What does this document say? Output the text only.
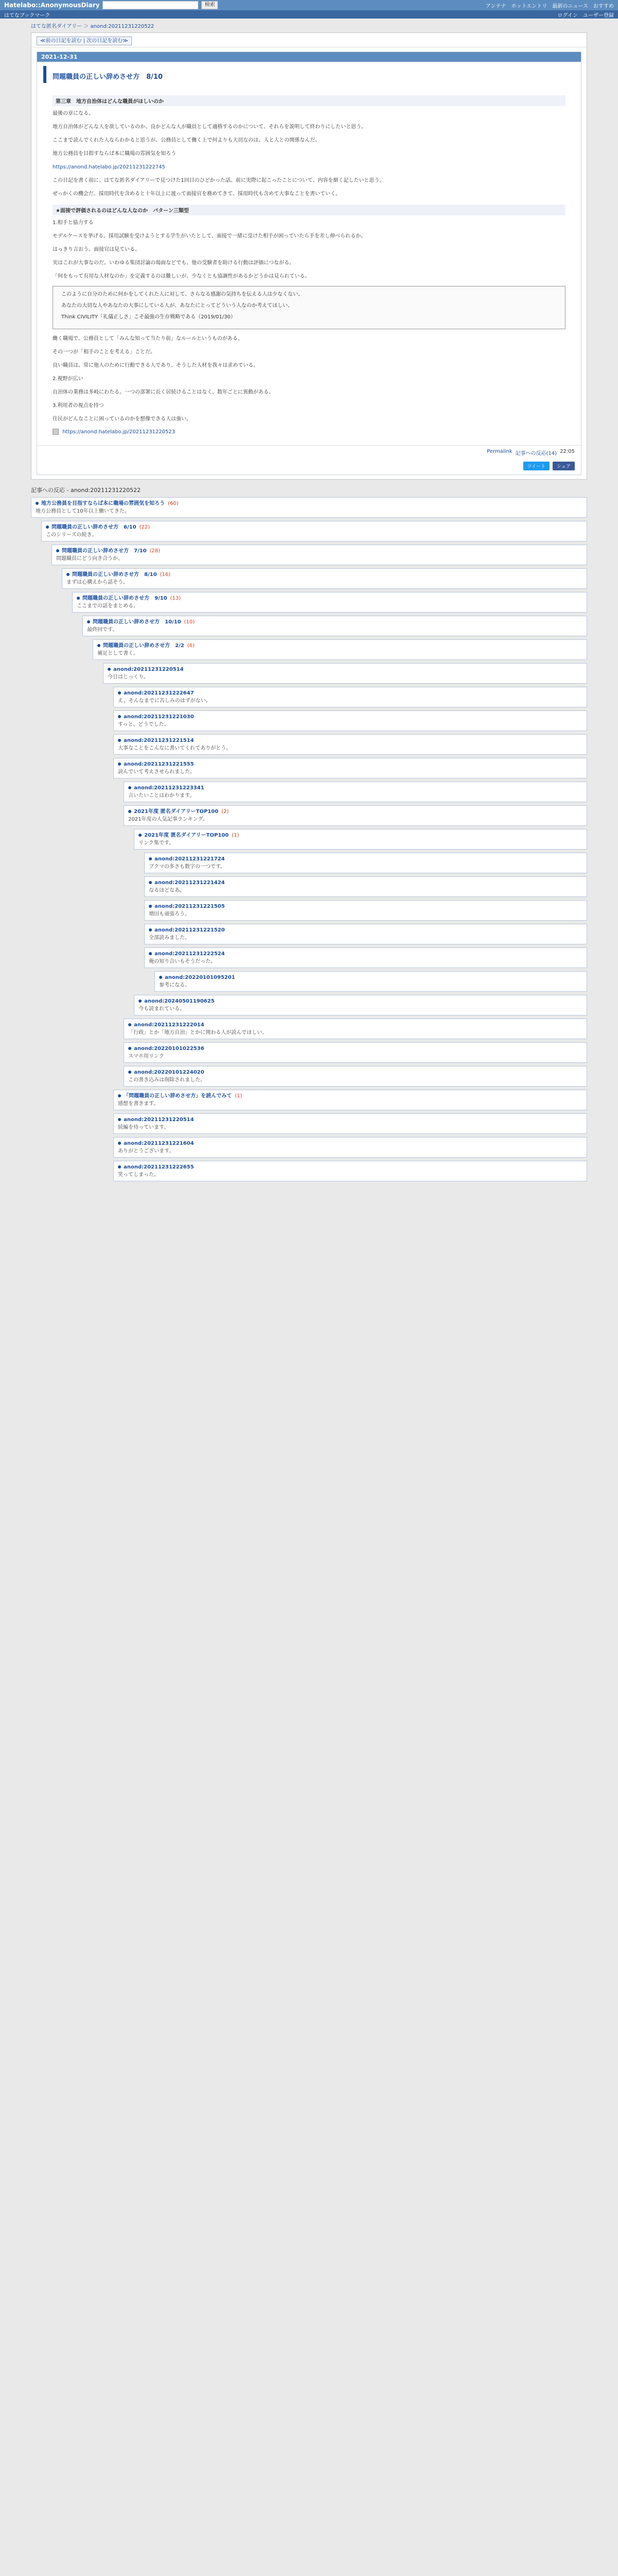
Hatelabo::AnonymousDiary	検索	アンテナ ホットエントリ 最新のニュース おすすめ
はてなブックマーク	ログイン ユーザー登録
はてな匿名ダイアリー ＞ anond:20211231220522
≪前の日記を読む | 次の日記を読む≫
2021-12-31
問題職員の正しい辞めさせ方　8/10
第三章　地方自治体はどんな職員がほしいのか

最後の章になる。

地方自治体がどんな人を欲しているのか、良かどんな人が職員として適格するのかについて、それらを説明して終わりにしたいと思う。

ここまで読んでくれた人ならわかると思うが、公務員として働く上で何よりも大切なのは、人と人との関係なんだ。

地方公務員を目指すならば本に職場の雰囲気を知ろう

https://anond.hatelabo.jp/20211231222745

この日記を書く前に、はてな匿名ダイアリーで見つけた1回目のひどかった話。前に実際に起こったことについて、内容を細く記したいと思う。

ぜっかくの機会だ。採用時代を含めると十年以上に渡って面接官を務めてきて、採用時代も含めて大事なことを書いていく。

★面接で評価されるのはどんな人なのか　パターン三類型

1.相手と協力する

モデルケースを挙げる。採用試験を受けようとする学生がいたとして、面接で一緒に受けた相手が困っていたら手を差し伸べられるか。

はっきり言おう。面接官は見ている。

実はこれが大事なのだ。いわゆる集団討論の場面などでも、他の受験者を助ける行動は評価につながる。

「何をもって有用な人材なのか」を定義するのは難しいが、少なくとも協調性があるかどうかは見られている。

このように自分のために何かをしてくれた人に対して、さらなる感謝の気持ちを伝える人は少なくない。

あなたの大切な人やあなたの大事にしている人が、あなたにとってどういう人なのか考えてほしい。

Think CIVILITY「礼儀正しさ」こそ最強の生存戦略である（2019/01/30）

働く職場で、公務員として「みんな知って当たり前」なルールというものがある。

その一つが「相手のことを考える」ことだ。

良い職員は、常に他人のために行動できる人であり、そうした人材を我々は求めている。

2.視野が広い

自治体の業務は多岐にわたる。一つの部署に長く居続けることはなく、数年ごとに異動がある。

3.利用者の視点を持つ

住民がどんなことに困っているのかを想像できる人は強い。

https://anond.hatelabo.jp/20211231220523
Permalink 記事への反応(14) 22:05
ツイート	シェア
記事への反応 - anond:20211231220522
地方公務員を目指すならば本に職場の雰囲気を知ろう (60)
地方公務員として10年以上働いてきた。
問題職員の正しい辞めさせ方　6/10 (22)
このシリーズの続き。
問題職員の正しい辞めさせ方　7/10 (28)
問題職員にどう向き合うか。
問題職員の正しい辞めさせ方　8/10 (16)
まずは心構えから話そう。
問題職員の正しい辞めさせ方　9/10 (13)
ここまでの話をまとめる。
問題職員の正しい辞めさせ方　10/10 (10)
最終回です。
問題職員の正しい辞めさせ方　2/2 (6)
補足として書く。
anond:20211231220514
今日はじっくり。
anond:20211231222647
え、そんなまでに苦しみのはずがない。
anond:20211231221030
すっと、どうでした。
anond:20211231221514
大事なことをこんなに書いてくれてありがとう。
anond:20211231221555
読んでいて考えさせられました。
anond:20211231223341
言いたいことはわかります。
2021年度 匿名ダイアリーTOP100 (2)
2021年度の人気記事ランキング。
2021年度 匿名ダイアリーTOP100 (1)
リンク集です。
anond:20211231221724
ブクマの多さも数字の一つです。
anond:20211231221424
なるほどなあ。
anond:20211231221505
増田も頑張ろう。
anond:20211231221520
全部読みました。
anond:20211231222524
俺の知り合いもそうだった。
anond:20220101095201
参考になる。
anond:20240501190625
今も読まれている。
anond:20211231222014
「行政」とか「地方自治」とかに関わる人が読んでほしい。
anond:20220101022536
スマホ用リンク
anond:20220101224020
この書き込みは削除されました。
「問題職員の正しい辞めさせ方」を読んでみて (1)
感想を書きます。
anond:20211231220514
続編を待っています。
anond:20211231221604
ありがとうございます。
anond:20211231222655
笑ってしまった。
